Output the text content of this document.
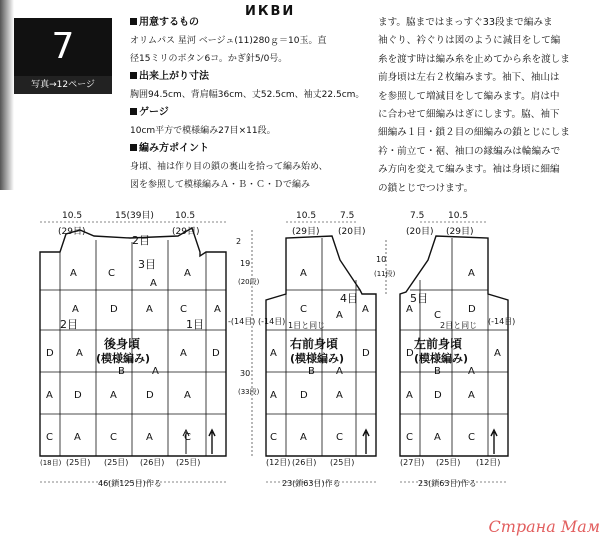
7
写真→12ページ
ИКВИ
用意するもの
オリムパス 星河 ベージュ(11)280ｇ＝10玉。直
径15ミリのボタン6コ。かぎ針5/0号。
出来上がり寸法
胸囲94.5cm、背肩幅36cm、丈52.5cm、袖丈22.5cm。
ゲージ
10cm平方で模様編み27目×11段。
編み方ポイント
身頃、袖は作り目の鎖の裏山を拾って編み始め、
図を参照して模様編みＡ・Ｂ・Ｃ・Ｄで編み
ます。脇まではまっすぐ33段まで編みま
袖ぐり、衿ぐりは図のように減目をして編
糸を渡す時は編み糸を止めてから糸を渡しま
前身頃は左右２枚編みます。袖下、袖山は
を参照して増減目をして編みます。肩は中
に合わせて細編みはぎにします。脇、袖下
細編み１目・鎖２目の細編みの鎖とじにしま
衿・前立て・裾、袖口の縁編みは輪編みで
み方向を変えて編みます。袖は身頃に細編
の鎖とじでつけます。
10.5
(29目)
15(39目) 10.5
(29目)
2目
A	C
3目
A
A
2目
A	D	A	C	A
1目	-(14目)
D A
後身頃
(模様編み)
B	A
A	D
A D	A	D	A
C A	C	A	C
(18目) (25目) (25目) (26目) (25目)
46(鎖125目)作る
2
19
(20段)
30
(33段)
10.5
(29目)
7.5
(20目)
A
4目
1目と同じ
(-14目)
C
A
A
A
右前身頃
(模様編み)
B A
D
A D	A
C A	C
(12目) (26目) (25目)
23(鎖63目)作る
7.5
(20目)
10.5
(29目)
A
5目
2目と同じ (-14目)
A
C
D
D
左前身頃
(模様編み)
B	A
A
A D	A
C A	C
(27目) (25目) (12目)
23(鎖63目)作る
10
(11段)
Страна Мам
